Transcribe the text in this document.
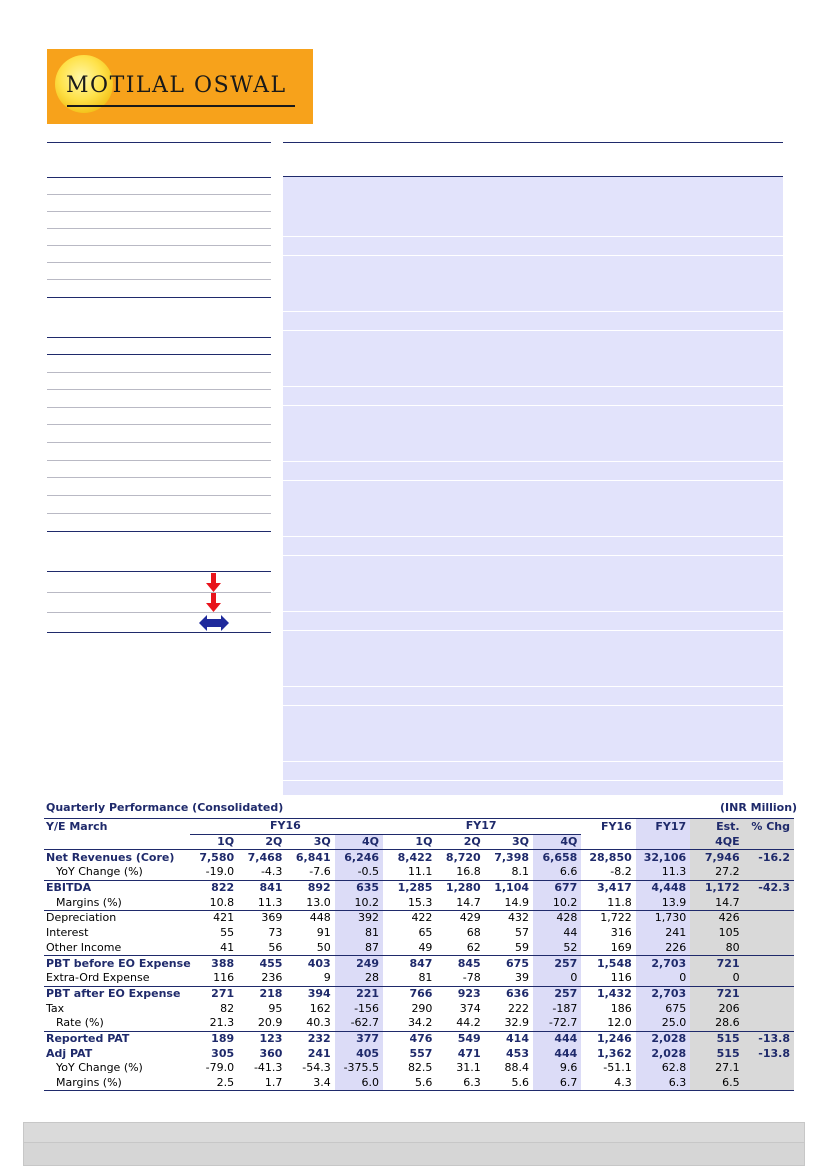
MOTILAL OSWAL
Quarterly Performance (Consolidated)	(INR Million)
Y/E March	FY16				FY17				FY16	FY17	Est.	% Chg
	1Q	2Q	3Q	4Q	1Q	2Q	3Q	4Q			4QE	
Net Revenues (Core)	7,580	7,468	6,841	6,246	8,422	8,720	7,398	6,658	28,850	32,106	7,946	-16.2
YoY Change (%)	-19.0	-4.3	-7.6	-0.5	11.1	16.8	8.1	6.6	-8.2	11.3	27.2	
EBITDA	822	841	892	635	1,285	1,280	1,104	677	3,417	4,448	1,172	-42.3
Margins (%)	10.8	11.3	13.0	10.2	15.3	14.7	14.9	10.2	11.8	13.9	14.7	
Depreciation	421	369	448	392	422	429	432	428	1,722	1,730	426	
Interest	55	73	91	81	65	68	57	44	316	241	105	
Other Income	41	56	50	87	49	62	59	52	169	226	80	
PBT before EO Expense	388	455	403	249	847	845	675	257	1,548	2,703	721	
Extra-Ord Expense	116	236	9	28	81	-78	39	0	116	0	0	
PBT after EO Expense	271	218	394	221	766	923	636	257	1,432	2,703	721	
Tax	82	95	162	-156	290	374	222	-187	186	675	206	
Rate (%)	21.3	20.9	40.3	-62.7	34.2	44.2	32.9	-72.7	12.0	25.0	28.6	
Reported PAT	189	123	232	377	476	549	414	444	1,246	2,028	515	-13.8
Adj PAT	305	360	241	405	557	471	453	444	1,362	2,028	515	-13.8
YoY Change (%)	-79.0	-41.3	-54.3	-375.5	82.5	31.1	88.4	9.6	-51.1	62.8	27.1	
Margins (%)	2.5	1.7	3.4	6.0	5.6	6.3	5.6	6.7	4.3	6.3	6.5	
